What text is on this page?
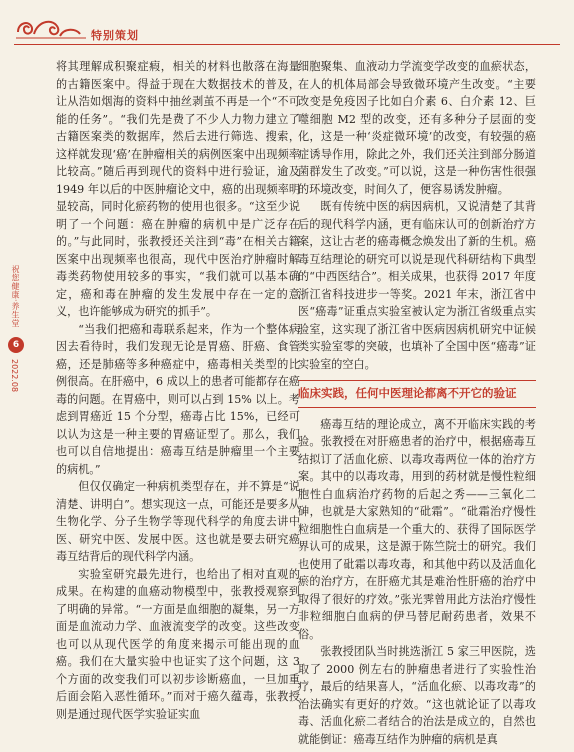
特别策划
祝您健康·养生堂
6
2022.08

将其理解成积聚症瘕，相关的材料也散落在海量的古籍医案中。得益于现在大数据技术的普及，让从浩如烟海的资料中抽丝剥茧不再是一个“不可能的任务”。“我们先是费了不少人力物力建立了古籍医案类的数据库，然后去进行筛选、搜索，这样就发现‘癌’在肿瘤相关的病例医案中出现频率比较高。”随后再到现代的资料中进行验证，逾及 1949 年以后的中医肿瘤论文中，癌的出现频率明显较高，同时化瘀药物的使用也很多。“这至少说明了一个问题：癌在肿瘤的病机中是广泛存在的。”与此同时，张教授还关注到“毒”在相关古籍医案中出现频率也很高，现代中医治疗肿瘤时解毒类药物使用较多的事实，“我们就可以基本确定，癌和毒在肿瘤的发生发展中存在一定的意义，也许能够成为研究的抓手”。

“当我们把癌和毒联系起来，作为一个整体病因去看待时，我们发现无论是胃癌、肝癌、食管癌，还是肺癌等多种癌症中，癌毒相关类型的比例很高。在肝癌中，6 成以上的患者可能都存在癌毒的问题。在胃癌中，则可以占到 15% 以上。考虑到胃癌近 15 个分型，癌毒占比 15%，已经可以认为这是一种主要的胃癌证型了。那么，我们也可以自信地提出：癌毒互结是肿瘤里一个主要的病机。”

但仅仅确定一种病机类型存在，并不算是“说清楚、讲明白”。想实现这一点，可能还是要多从生物化学、分子生物学等现代科学的角度去讲中医、研究中医、发展中医。这也就是要去研究癌毒互结背后的现代科学内涵。

实验室研究最先进行，也给出了相对直观的成果。在构建的血癌动物模型中，张教授观察到了明确的异常。“一方面是血细胞的凝集，另一方面是血流动力学、血液流变学的改变。这些改变也可以从现代医学的角度来揭示可能出现的血癌。我们在大量实验中也证实了这个问题，这 3 个方面的改变我们可以初步诊断癌血，一旦加重后面会陷入恶性循环。”而对于癌久蕴毒，张教授则是通过现代医学实验证实血

细胞聚集、血液动力学流变学改变的血瘀状态，在人的机体局部会导致微环境产生改变。“主要改变是免疫因子比如白介素 6、白介素 12、巨噬细胞 M2 型的改变，还有多种分子层面的变化，这是一种‘炎症微环境’的改变，有较强的癌症诱导作用，除此之外，我们还关注到部分肠道菌群发生了改变。”可以说，这是一种伤害性很强的环境改变，时间久了，便容易诱发肿瘤。

既有传统中医的病因病机，又说清楚了其背后的现代科学内涵，更有临床认可的创新治疗方案，这让古老的癌毒概念焕发出了新的生机。癌毒互结理论的研究可以说是现代科研结构下典型的“中西医结合”。相关成果，也获得 2017 年度浙江省科技进步一等奖。2021 年末，浙江省中医“癌毒”证重点实验室被认定为浙江省级重点实验室，这实现了浙江省中医病因病机研究中证候类实验室零的突破，也填补了全国中医“癌毒”证实验室的空白。

临床实践，任何中医理论都离不开它的验证

癌毒互结的理论成立，离不开临床实践的考验。张教授在对肝癌患者的治疗中，根据癌毒互结拟订了活血化瘀、以毒攻毒两位一体的治疗方案。其中的以毒攻毒，用到的药材就是慢性粒细胞性白血病治疗药物的后起之秀——三氧化二砷，也就是大家熟知的“砒霜”。“砒霜治疗慢性粒细胞性白血病是一个重大的、获得了国际医学界认可的成果，这是源于陈竺院士的研究。我们也使用了砒霜以毒攻毒，和其他中药以及活血化瘀的治疗方，在肝癌尤其是难治性肝癌的治疗中取得了很好的疗效。”张光霁曾用此方法治疗慢性非粒细胞白血病的伊马替尼耐药患者，效果不俗。

张教授团队当时挑选浙江 5 家三甲医院，选取了 2000 例左右的肿瘤患者进行了实验性治疗，最后的结果喜人，“活血化瘀、以毒攻毒”的治法确实有更好的疗效。“这也就论证了以毒攻毒、活血化瘀二者结合的治法是成立的，自然也就能倒证：癌毒互结作为肿瘤的病机是真
